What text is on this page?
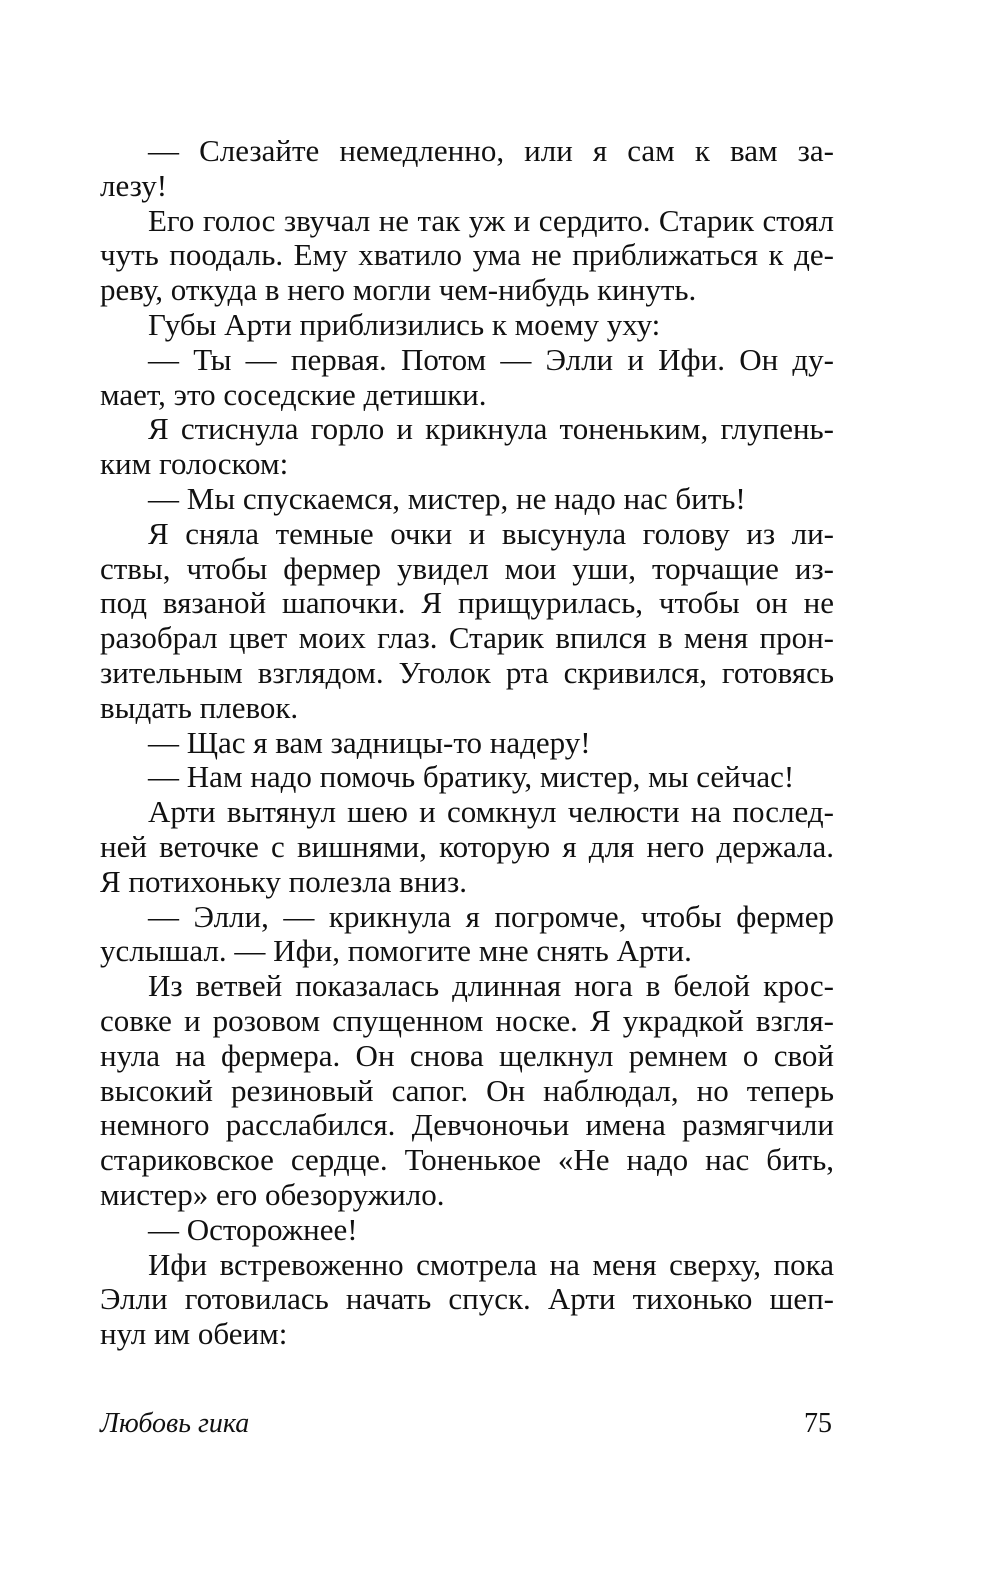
— Слезайте немедленно, или я сам к вам за-
лезу!
Его голос звучал не так уж и сердито. Старик стоял
чуть поодаль. Ему хватило ума не приближаться к де-
реву, откуда в него могли чем-нибудь кинуть.
Губы Арти приблизились к моему уху:
— Ты — первая. Потом — Элли и Ифи. Он ду-
мает, это соседские детишки.
Я стиснула горло и крикнула тоненьким, глупень-
ким голоском:
— Мы спускаемся, мистер, не надо нас бить!
Я сняла темные очки и высунула голову из ли-
ствы, чтобы фермер увидел мои уши, торчащие из-
под вязаной шапочки. Я прищурилась, чтобы он не
разобрал цвет моих глаз. Старик впился в меня прон-
зительным взглядом. Уголок рта скривился, готовясь
выдать плевок.
— Щас я вам задницы-то надеру!
— Нам надо помочь братику, мистер, мы сейчас!
Арти вытянул шею и сомкнул челюсти на послед-
ней веточке с вишнями, которую я для него держала.
Я потихоньку полезла вниз.
— Элли, — крикнула я погромче, чтобы фермер
услышал. — Ифи, помогите мне снять Арти.
Из ветвей показалась длинная нога в белой крос-
совке и розовом спущенном носке. Я украдкой взгля-
нула на фермера. Он снова щелкнул ремнем о свой
высокий резиновый сапог. Он наблюдал, но теперь
немного расслабился. Девчоночьи имена размягчили
стариковское сердце. Тоненькое «Не надо нас бить,
мистер» его обезоружило.
— Осторожнее!
Ифи встревоженно смотрела на меня сверху, пока
Элли готовилась начать спуск. Арти тихонько шеп-
нул им обеим:
Любовь гика	75
